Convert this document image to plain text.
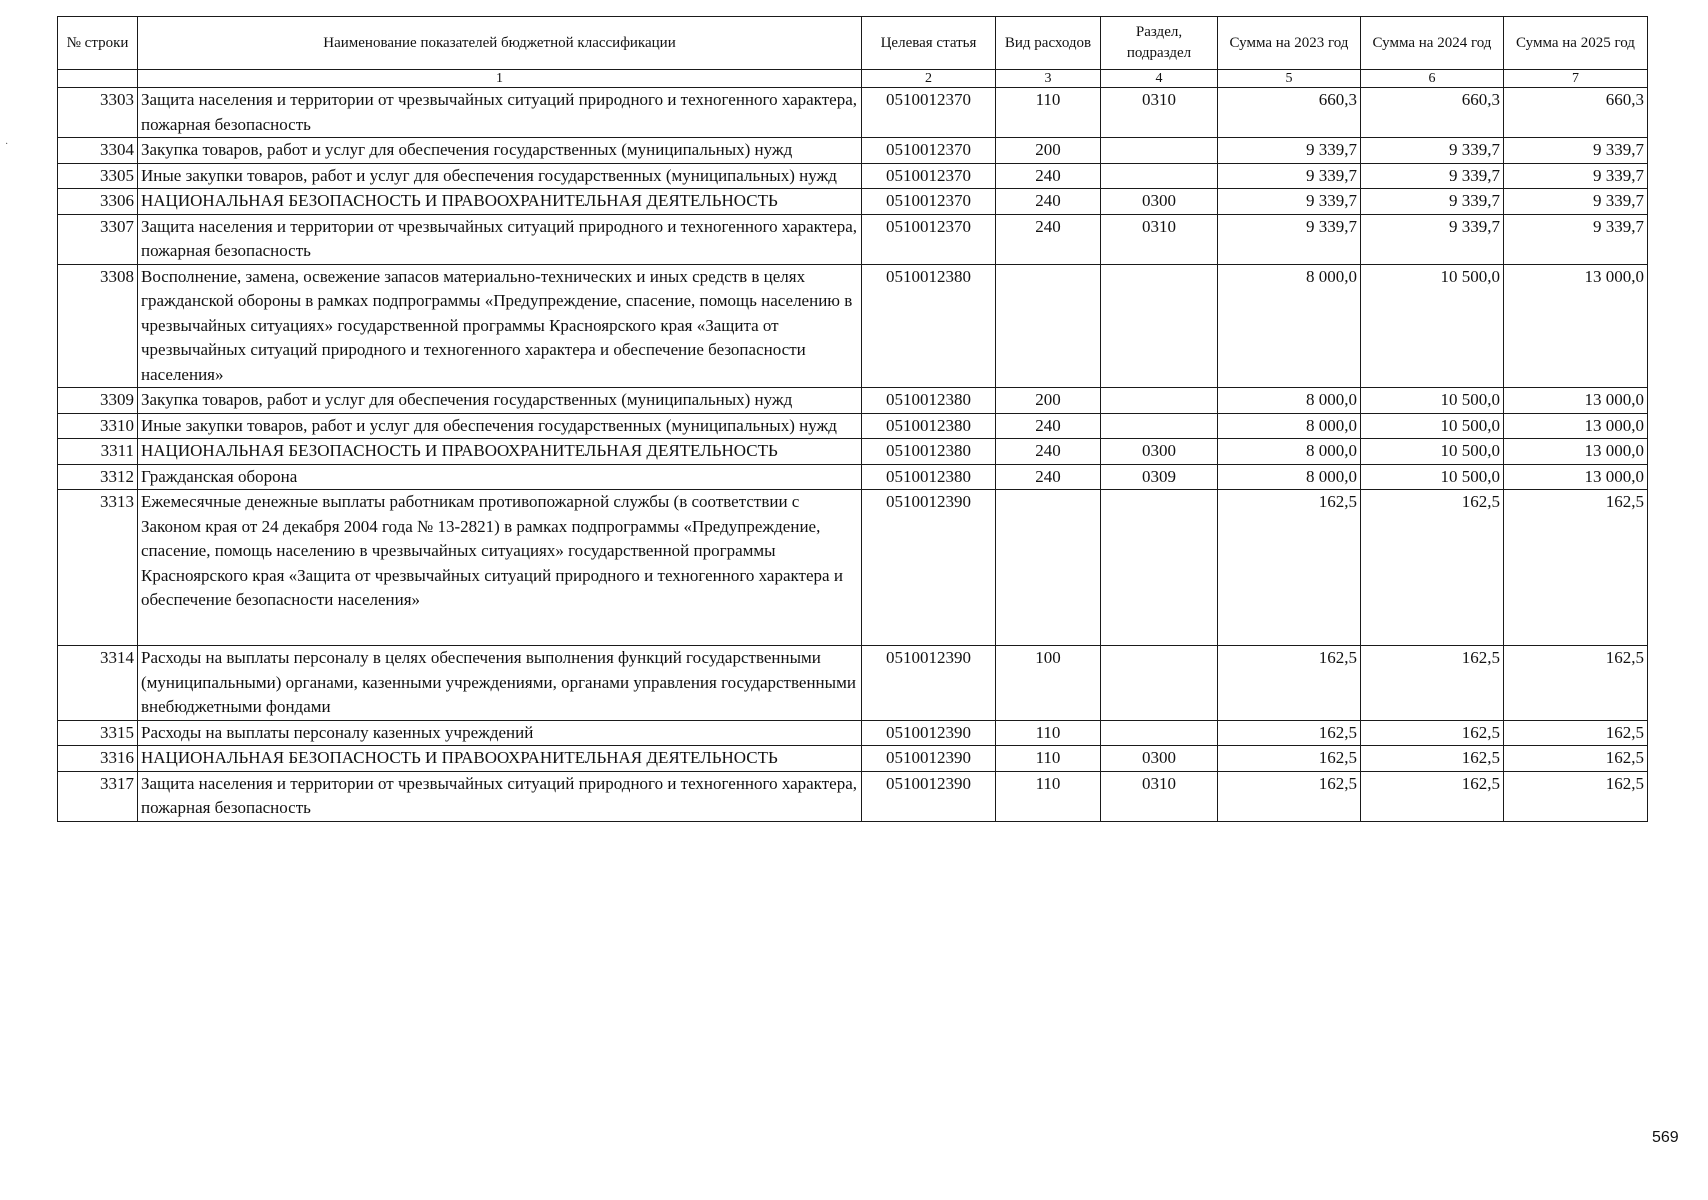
·
№ строки	Наименование показателей бюджетной классификации	Целевая статья	Вид расходов	Раздел, подраздел	Сумма на 2023 год	Сумма на 2024 год	Сумма на 2025 год
	1	2	3	4	5	6	7
3303	Защита населения и территории от чрезвычайных ситуаций природного и техногенного характера, пожарная безопасность	0510012370	110	0310	660,3	660,3	660,3
3304	Закупка товаров, работ и услуг для обеспечения государственных (муниципальных) нужд	0510012370	200		9 339,7	9 339,7	9 339,7
3305	Иные закупки товаров, работ и услуг для обеспечения государственных (муниципальных) нужд	0510012370	240		9 339,7	9 339,7	9 339,7
3306	НАЦИОНАЛЬНАЯ БЕЗОПАСНОСТЬ И ПРАВООХРАНИТЕЛЬНАЯ ДЕЯТЕЛЬНОСТЬ	0510012370	240	0300	9 339,7	9 339,7	9 339,7
3307	Защита населения и территории от чрезвычайных ситуаций природного и техногенного характера, пожарная безопасность	0510012370	240	0310	9 339,7	9 339,7	9 339,7
3308	Восполнение, замена, освежение запасов материально-технических и иных средств в целях гражданской обороны в рамках подпрограммы «Предупреждение, спасение, помощь населению в чрезвычайных ситуациях» государственной программы Красноярского края «Защита от чрезвычайных ситуаций природного и техногенного характера и обеспечение безопасности населения»	0510012380			8 000,0	10 500,0	13 000,0
3309	Закупка товаров, работ и услуг для обеспечения государственных (муниципальных) нужд	0510012380	200		8 000,0	10 500,0	13 000,0
3310	Иные закупки товаров, работ и услуг для обеспечения государственных (муниципальных) нужд	0510012380	240		8 000,0	10 500,0	13 000,0
3311	НАЦИОНАЛЬНАЯ БЕЗОПАСНОСТЬ И ПРАВООХРАНИТЕЛЬНАЯ ДЕЯТЕЛЬНОСТЬ	0510012380	240	0300	8 000,0	10 500,0	13 000,0
3312	Гражданская оборона	0510012380	240	0309	8 000,0	10 500,0	13 000,0
3313	Ежемесячные денежные выплаты работникам противопожарной службы (в соответствии с Законом края от 24 декабря 2004 года № 13-2821) в рамках подпрограммы «Предупреждение, спасение, помощь населению в чрезвычайных ситуациях» государственной программы Красноярского края «Защита от чрезвычайных ситуаций природного и техногенного характера и обеспечение безопасности населения»	0510012390			162,5	162,5	162,5
3314	Расходы на выплаты персоналу в целях обеспечения выполнения функций государственными (муниципальными) органами, казенными учреждениями, органами управления государственными внебюджетными фондами	0510012390	100		162,5	162,5	162,5
3315	Расходы на выплаты персоналу казенных учреждений	0510012390	110		162,5	162,5	162,5
3316	НАЦИОНАЛЬНАЯ БЕЗОПАСНОСТЬ И ПРАВООХРАНИТЕЛЬНАЯ ДЕЯТЕЛЬНОСТЬ	0510012390	110	0300	162,5	162,5	162,5
3317	Защита населения и территории от чрезвычайных ситуаций природного и техногенного характера, пожарная безопасность	0510012390	110	0310	162,5	162,5	162,5
569
